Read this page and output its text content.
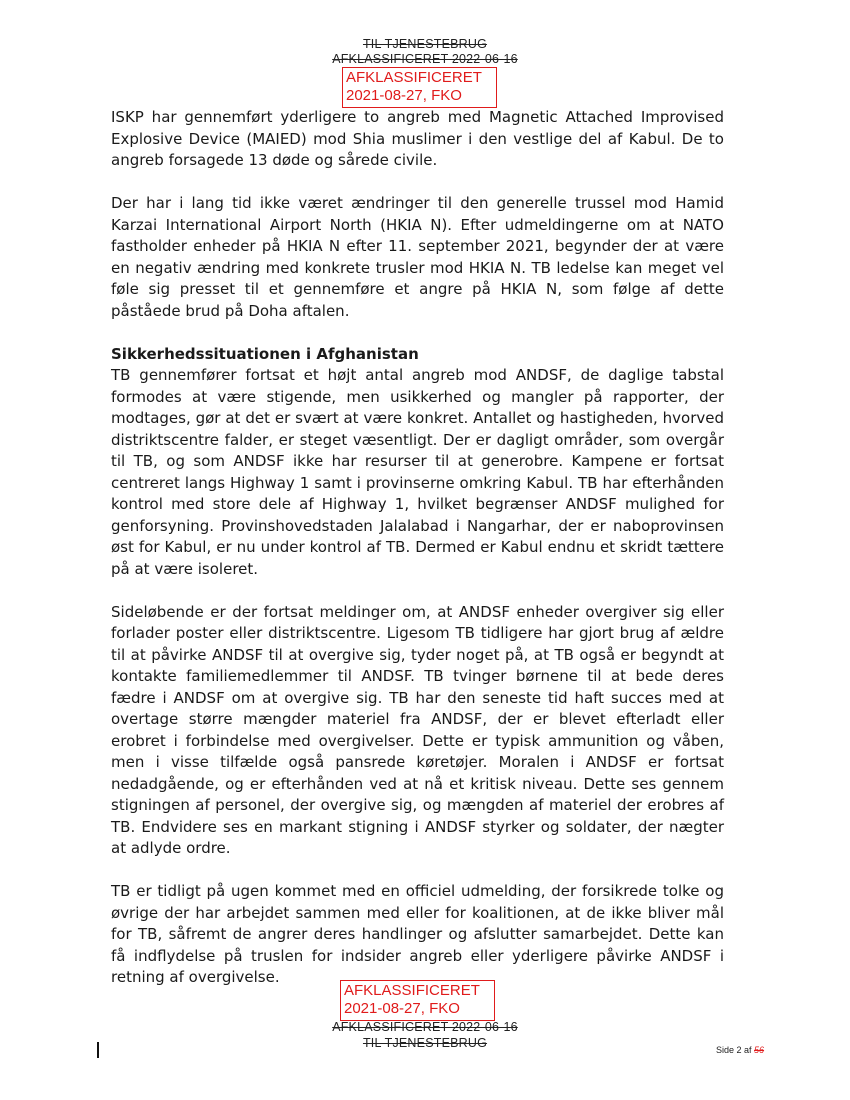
TIL TJENESTEBRUG
AFKLASSIFICERET 2022-06-16
AFKLASSIFICERET
2021-08-27, FKO

ISKP har gennemført yderligere to angreb med Magnetic Attached Improvised Explosive Device (MAIED) mod Shia muslimer i den vestlige del af Kabul. De to angreb forsagede 13 døde og sårede civile.

Der har i lang tid ikke været ændringer til den generelle trussel mod Hamid Karzai International Airport North (HKIA N). Efter udmeldingerne om at NATO fastholder enheder på HKIA N efter 11. september 2021, begynder der at være en negativ ændring med konkrete trusler mod HKIA N. TB ledelse kan meget vel føle sig presset til et gennemføre et angre på HKIA N, som følge af dette påståede brud på Doha aftalen.

Sikkerhedssituationen i Afghanistan

TB gennemfører fortsat et højt antal angreb mod ANDSF, de daglige tabstal formodes at være stigende, men usikkerhed og mangler på rapporter, der modtages, gør at det er svært at være konkret. Antallet og hastigheden, hvorved distriktscentre falder, er steget væsentligt. Der er dagligt områder, som overgår til TB, og som ANDSF ikke har resurser til at generobre. Kampene er fortsat centreret langs Highway 1 samt i provinserne omkring Kabul. TB har efterhånden kontrol med store dele af Highway 1, hvilket begrænser ANDSF mulighed for genforsyning. Provinshovedstaden Jalalabad i Nangarhar, der er naboprovinsen øst for Kabul, er nu under kontrol af TB. Dermed er Kabul endnu et skridt tættere på at være isoleret.

Sideløbende er der fortsat meldinger om, at ANDSF enheder overgiver sig eller forlader poster eller distriktscentre. Ligesom TB tidligere har gjort brug af ældre til at påvirke ANDSF til at overgive sig, tyder noget på, at TB også er begyndt at kontakte familiemedlemmer til ANDSF. TB tvinger børnene til at bede deres fædre i ANDSF om at overgive sig. TB har den seneste tid haft succes med at overtage større mængder materiel fra ANDSF, der er blevet efterladt eller erobret i forbindelse med overgivelser. Dette er typisk ammunition og våben, men i visse tilfælde også pansrede køretøjer. Moralen i ANDSF er fortsat nedadgående, og er efterhånden ved at nå et kritisk niveau. Dette ses gennem stigningen af personel, der overgive sig, og mængden af materiel der erobres af TB. Endvidere ses en markant stigning i ANDSF styrker og soldater, der nægter at adlyde ordre.

TB er tidligt på ugen kommet med en officiel udmelding, der forsikrede tolke og øvrige der har arbejdet sammen med eller for koalitionen, at de ikke bliver mål for TB, såfremt de angrer deres handlinger og afslutter samarbejdet. Dette kan få indflydelse på truslen for indsider angreb eller yderligere påvirke ANDSF i retning af overgivelse.

AFKLASSIFICERET
2021-08-27, FKO
AFKLASSIFICERET 2022-06-16
TIL TJENESTEBRUG	Side 2 af 56
